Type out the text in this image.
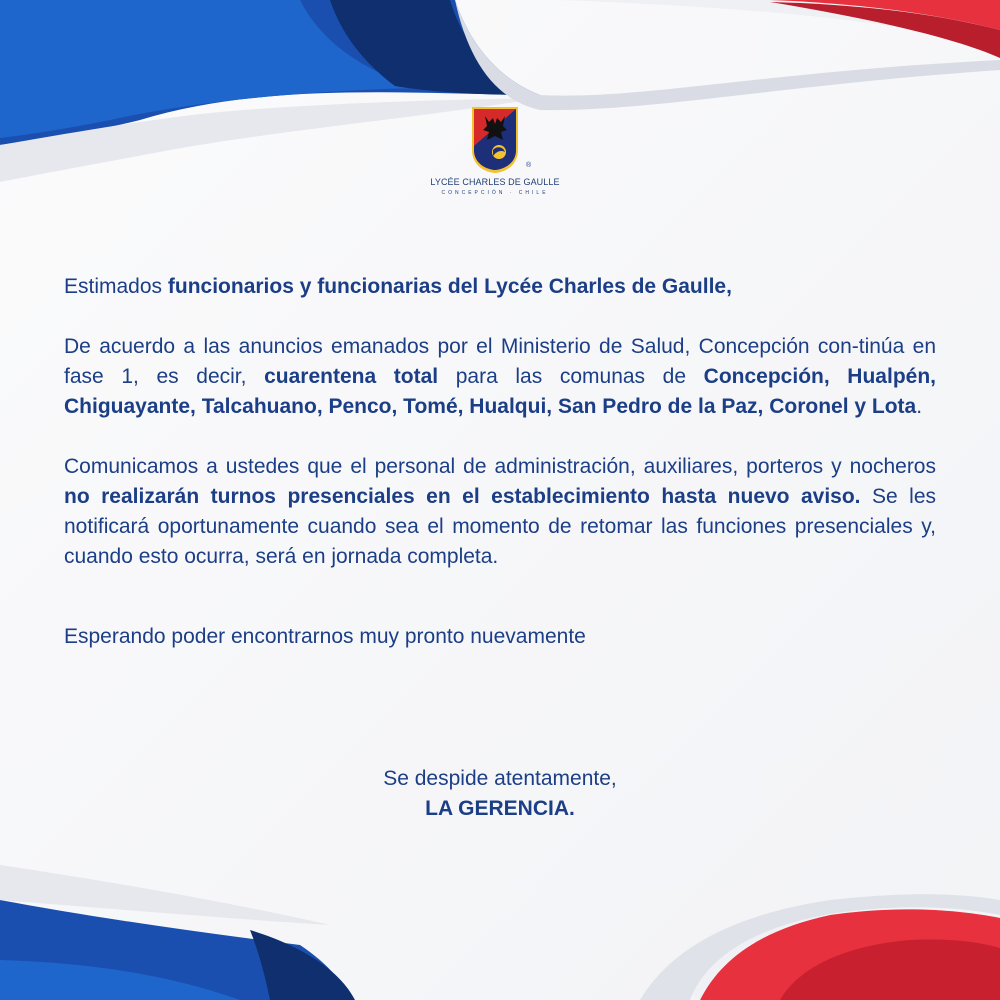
®
LYCÉE CHARLES DE GAULLE
CONCEPCIÓN · CHILE

Estimados funcionarios y funcionarias del Lycée Charles de Gaulle,

De acuerdo a las anuncios emanados por el Ministerio de Salud, Concepción con-tinúa en fase 1, es decir, cuarentena total para las comunas de Concepción, Hualpén, Chiguayante, Talcahuano, Penco, Tomé, Hualqui, San Pedro de la Paz, Coronel y Lota.

Comunicamos a ustedes que el personal de administración, auxiliares, porteros y nocheros no realizarán turnos presenciales en el establecimiento hasta nuevo aviso. Se les notificará oportunamente cuando sea el momento de retomar las funciones presenciales y, cuando esto ocurra, será en jornada completa.

Esperando poder encontrarnos muy pronto nuevamente

Se despide atentamente,
LA GERENCIA.
